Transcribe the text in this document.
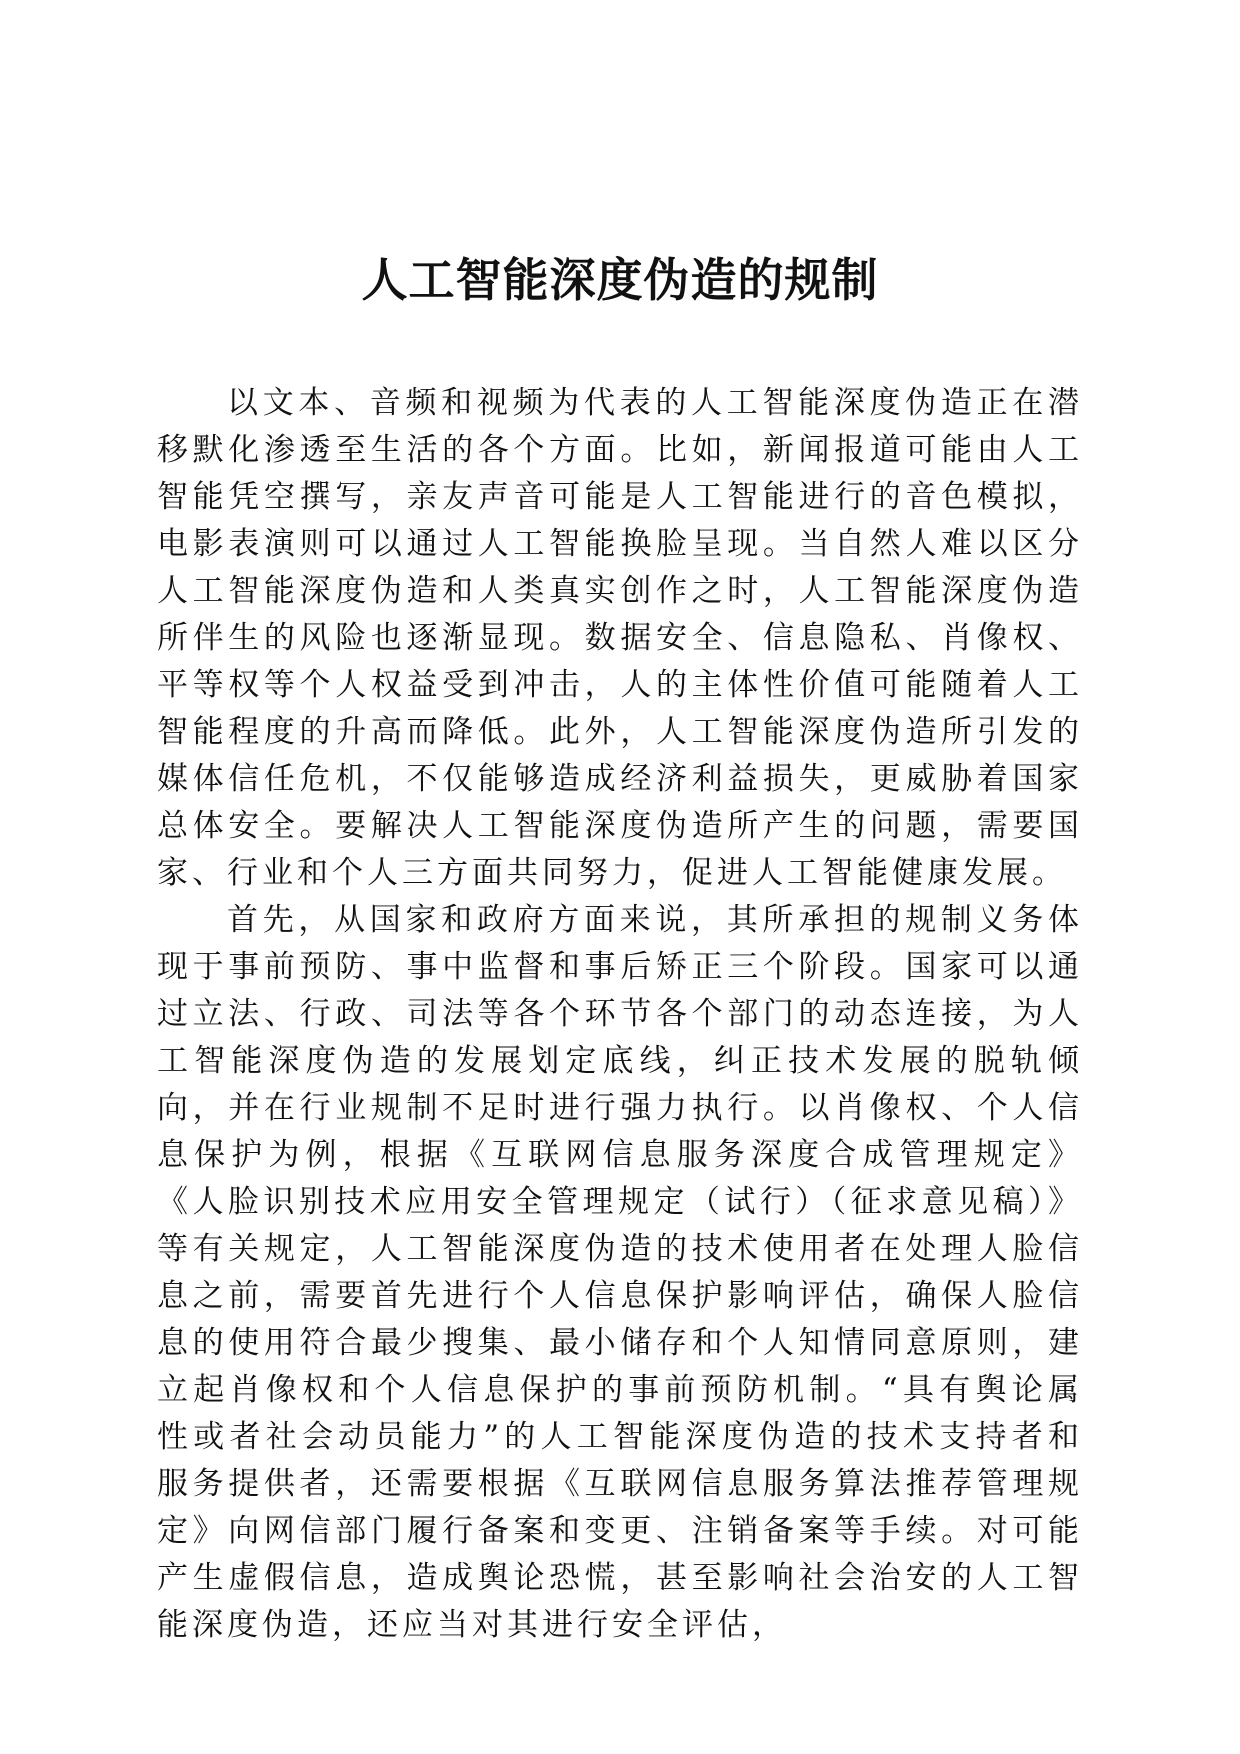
人工智能深度伪造的规制

以文本、音频和视频为代表的人工智能深度伪造正在潜移默化渗透至生活的各个方面。比如，新闻报道可能由人工智能凭空撰写，亲友声音可能是人工智能进行的音色模拟，电影表演则可以通过人工智能换脸呈现。当自然人难以区分人工智能深度伪造和人类真实创作之时，人工智能深度伪造所伴生的风险也逐渐显现。数据安全、信息隐私、肖像权、平等权等个人权益受到冲击，人的主体性价值可能随着人工智能程度的升高而降低。此外，人工智能深度伪造所引发的媒体信任危机，不仅能够造成经济利益损失，更威胁着国家总体安全。要解决人工智能深度伪造所产生的问题，需要国家、行业和个人三方面共同努力，促进人工智能健康发展。

首先，从国家和政府方面来说，其所承担的规制义务体现于事前预防、事中监督和事后矫正三个阶段。国家可以通过立法、行政、司法等各个环节各个部门的动态连接，为人工智能深度伪造的发展划定底线，纠正技术发展的脱轨倾向，并在行业规制不足时进行强力执行。以肖像权、个人信息保护为例，根据《互联网信息服务深度合成管理规定》《人脸识别技术应用安全管理规定（试行）（征求意见稿）》等有关规定，人工智能深度伪造的技术使用者在处理人脸信息之前，需要首先进行个人信息保护影响评估，确保人脸信息的使用符合最少搜集、最小储存和个人知情同意原则，建立起肖像权和个人信息保护的事前预防机制。“具有舆论属性或者社会动员能力”的人工智能深度伪造的技术支持者和服务提供者，还需要根据《互联网信息服务算法推荐管理规定》向网信部门履行备案和变更、注销备案等手续。对可能产生虚假信息，造成舆论恐慌，甚至影响社会治安的人工智能深度伪造，还应当对其进行安全评估，
